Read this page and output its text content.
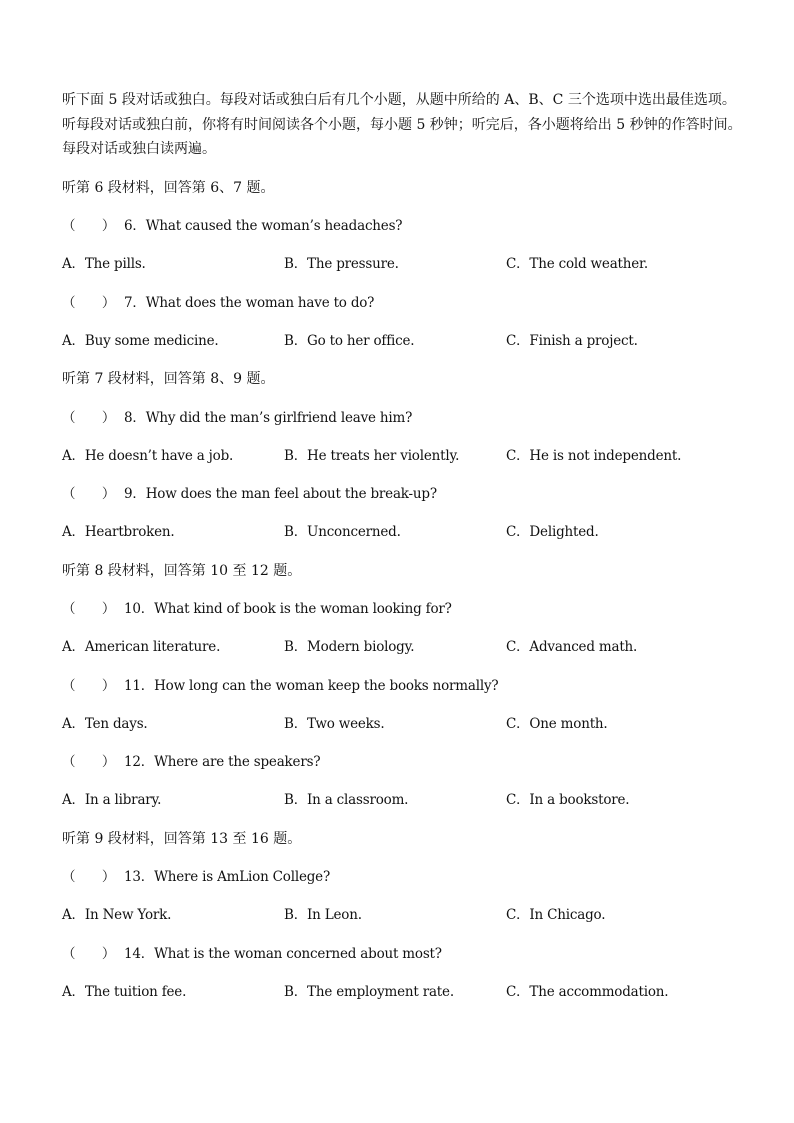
听下面 5 段对话或独白。每段对话或独白后有几个小题，从题中所给的 A、B、C 三个选项中选出最佳选项。
听每段对话或独白前，你将有时间阅读各个小题，每小题 5 秒钟；听完后，各小题将给出 5 秒钟的作答时间。
每段对话或独白读两遍。
听第 6 段材料，回答第 6、7 题。
（　　） 6．What caused the woman’s headaches?
A．The pills.	B．The pressure.	C．The cold weather.
（　　） 7．What does the woman have to do?
A．Buy some medicine.	B．Go to her office.	C．Finish a project.
听第 7 段材料，回答第 8、9 题。
（　　） 8．Why did the man’s girlfriend leave him?
A．He doesn’t have a job.	B．He treats her violently.	C．He is not independent.
（　　） 9．How does the man feel about the break-up?
A．Heartbroken.	B．Unconcerned.	C．Delighted.
听第 8 段材料，回答第 10 至 12 题。
（　　） 10．What kind of book is the woman looking for?
A．American literature.	B．Modern biology.	C．Advanced math.
（　　） 11．How long can the woman keep the books normally?
A．Ten days.	B．Two weeks.	C．One month.
（　　） 12．Where are the speakers?
A．In a library.	B．In a classroom.	C．In a bookstore.
听第 9 段材料，回答第 13 至 16 题。
（　　） 13．Where is AmLion College?
A．In New York.	B．In Leon.	C．In Chicago.
（　　） 14．What is the woman concerned about most?
A．The tuition fee.	B．The employment rate.	C．The accommodation.
